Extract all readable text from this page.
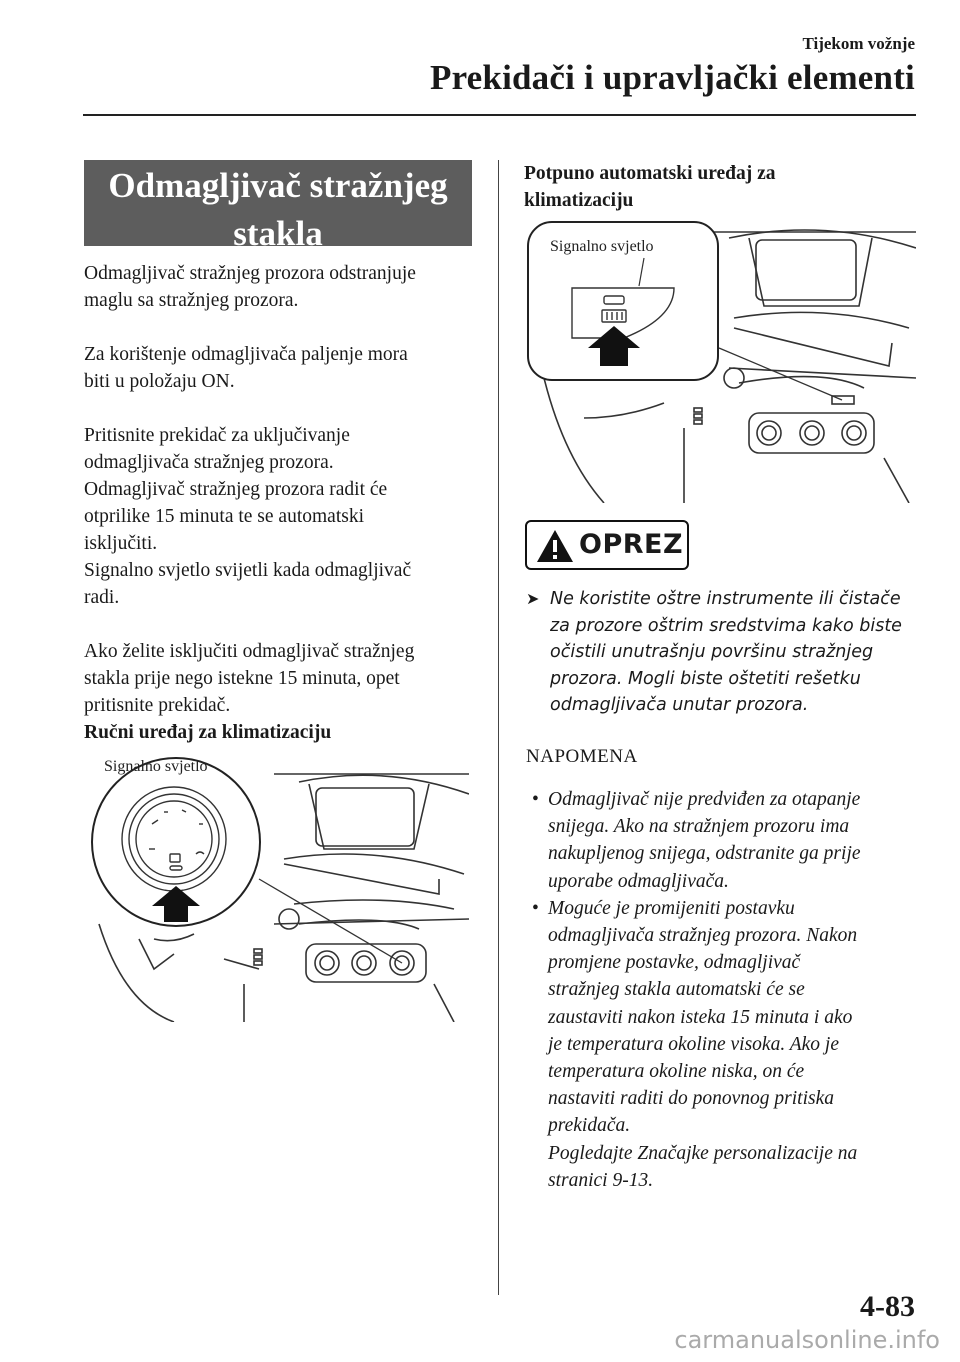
Tijekom vožnje
Prekidači i upravljački elementi
Odmagljivač stražnjeg
stakla

Odmagljivač stražnjeg prozora odstranjuje
maglu sa stražnjeg prozora.

Za korištenje odmagljivača paljenje mora
biti u položaju ON.

Pritisnite prekidač za uključivanje
odmagljivača stražnjeg prozora.
Odmagljivač stražnjeg prozora radit će
otprilike 15 minuta te se automatski
isključiti.
Signalno svjetlo svijetli kada odmagljivač
radi.

Ako želite isključiti odmagljivač stražnjeg
stakla prije nego istekne 15 minuta, opet
pritisnite prekidač.

Ručni uređaj za klimatizaciju

Signalno svjetlo

Potpuno automatski uređaj za
klimatizaciju

Signalno svjetlo
OPREZ
➤ Ne koristite oštre instrumente ili čistače
za prozore oštrim sredstvima kako biste
očistili unutrašnju površinu stražnjeg
prozora. Mogli biste oštetiti rešetku
odmagljivača unutar prozora.
NAPOMENA
• Odmagljivač nije predviđen za otapanje
snijega. Ako na stražnjem prozoru ima
nakupljenog snijega, odstranite ga prije
uporabe odmagljivača.
• Moguće je promijeniti postavku
odmagljivača stražnjeg prozora. Nakon
promjene postavke, odmagljivač
stražnjeg stakla automatski će se
zaustaviti nakon isteka 15 minuta i ako
je temperatura okoline visoka. Ako je
temperatura okoline niska, on će
nastaviti raditi do ponovnog pritiska
prekidača.
Pogledajte Značajke personalizacije na
stranici 9-13.
4-83
carmanualsonline.info
